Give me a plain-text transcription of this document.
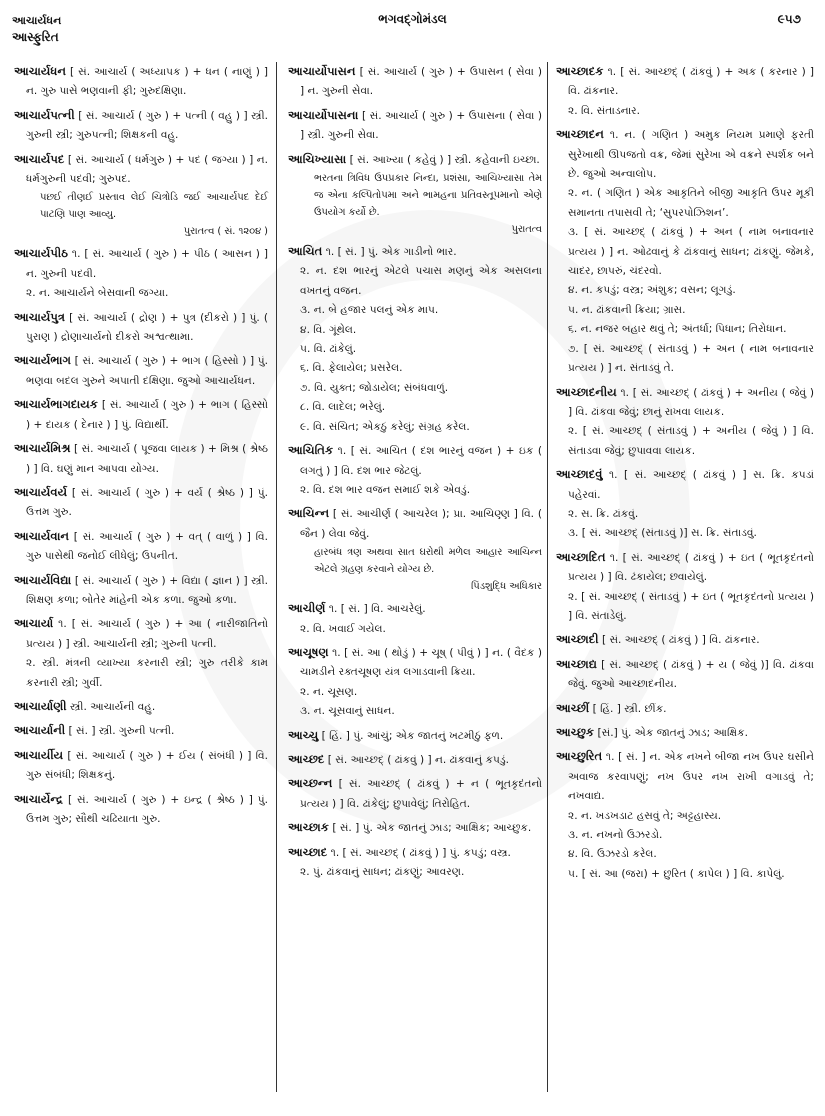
આચાર્યધન
આસ્ફુરિત
ભગવદ્ગોમંડલ	૯૫૭
આચાર્યધન [ સં. આચાર્ય ( અધ્યાપક ) + ધન ( નાણું ) ] ન. ગુરુ પાસે ભણવાની ફી; ગુરુદક્ષિણા.
આચાર્યપત્ની [ સં. આચાર્ય ( ગુરુ ) + પત્ની ( વહુ ) ] સ્ત્રી. ગુરુની સ્ત્રી; ગુરુપત્ની; શિક્ષકની વહુ.
આચાર્યપદ [ સં. આચાર્ય ( ધર્મગુરુ ) + પદ ( જગ્યા ) ] ન. ધર્મગુરુની પદવી; ગુરુપદ.
પછઈ તીણઈ પ્રસ્તાવ લેઈ ચિત્રોડિ જઈ આચાર્યપદ દેઈ પાટણિ પાણ આવ્યુ.
પુરાતત્વ ( સં. ૧૨૦૪ )
આચાર્યપીઠ ૧. [ સં. આચાર્ય ( ગુરુ ) + પીઠ ( આસન ) ] ન. ગુરુની પદવી.
૨. ન. આચાર્યને બેસવાની જગ્યા.
આચાર્યપુત્ર [ સં. આચાર્ય ( દ્રોણ ) + પુત્ર (દીકરો ) ] પું. ( પુરાણ ) દ્રોણાચાર્યનો દીકરો અશ્વત્થામા.
આચાર્યભાગ [ સં. આચાર્ય ( ગુરુ ) + ભાગ ( હિસ્સો ) ] પું. ભણવા બદલ ગુરુને અપાતી દક્ષિણા. જુઓ આચાર્યધન.
આચાર્યભાગદાયક [ સં. આચાર્ય ( ગુરુ ) + ભાગ ( હિસ્સો ) + દાયક ( દેનાર ) ] પું. વિદ્યાર્થી.
આચાર્યમિશ્ર [ સં. આચાર્ય ( પૂજવા લાયક ) + મિશ્ર ( શ્રેષ્ઠ ) ] વિ. ઘણું માન આપવા યોગ્ય.
આચાર્યવર્ય [ સં. આચાર્ય ( ગુરુ ) + વર્ય ( શ્રેષ્ઠ ) ] પું. ઉત્તમ ગુરુ.
આચાર્યવાન [ સં. આચાર્ય ( ગુરુ ) + વત્ ( વાળું ) ] વિ. ગુરુ પાસેથી જનોઈ લીધેલું; ઉપનીત.
આચાર્યવિદ્યા [ સં. આચાર્ય ( ગુરુ ) + વિદ્યા ( જ્ઞાન ) ] સ્ત્રી. શિક્ષણ કળા; બોતેર માંહેની એક કળા. જુઓ કળા.
આચાર્યા ૧. [ સં. આચાર્ય ( ગુરુ ) + આ ( નારીજાતિનો પ્રત્યય ) ] સ્ત્રી. આચાર્યની સ્ત્રી; ગુરુની પત્ની.
૨. સ્ત્રી. મંત્રની વ્યાખ્યા કરનારી સ્ત્રી; ગુરુ તરીકે કામ કરનારી સ્ત્રી; ગુર્વી.
આચાર્યાણી સ્ત્રી. આચાર્યની વહુ.
આચાર્યાની [ સં. ] સ્ત્રી. ગુરુની પત્ની.
આચાર્યીય [ સં. આચાર્ય ( ગુરુ ) + ઈય ( સંબંધી ) ] વિ. ગુરુ સંબંધી; શિક્ષકનું.
આચાર્યેન્દ્ર [ સં. આચાર્ય ( ગુરુ ) + ઇન્દ્ર ( શ્રેષ્ઠ ) ] પું. ઉત્તમ ગુરુ; સૌથી ચઢિયાતા ગુરુ.
આચાર્યોપાસન [ સં. આચાર્ય ( ગુરુ ) + ઉપાસન ( સેવા ) ] ન. ગુરુની સેવા.
આચાર્યોપાસના [ સં. આચાર્ય ( ગુરુ ) + ઉપાસના ( સેવા ) ] સ્ત્રી. ગુરુની સેવા.
આચિખ્યાસા [ સં. આખ્યા ( કહેવું ) ] સ્ત્રી. કહેવાની ઇચ્છા.
ભરતના ત્રિવિધ ઉપપ્રકાર નિન્દા, પ્રશંસા, આચિખ્યાસા તેમ જ એના કલ્પિતોપમા અને ભામહના પ્રતિવસ્તૂપમાનો એણે ઉપયોગ કર્યો છે.
પુરાતત્વ
આચિત ૧. [ સં. ] પું. એક ગાડીનો ભાર.
૨. ન. દશ ભારનું એટલે પચાસ મણનું એક અસલના વખતનું વજન.
૩. ન. બે હજાર પલનું એક માપ.
૪. વિ. ગૂંથેલ.
૫. વિ. ઢાંકેલું.
૬. વિ. ફેલાયેલ; પ્રસરેલ.
૭. વિ. યુક્ત; જોડાયેલ; સંબંધવાળું.
૮. વિ. લાદેલ; ભરેલું.
૯. વિ. સંચિત; એકઠું કરેલું; સંગ્રહ કરેલ.
આચિતિક ૧. [ સં. આચિત ( દશ ભારનું વજન ) + ઇક ( લગતું ) ] વિ. દશ ભાર જેટલું.
૨. વિ. દશ ભાર વજન સમાઈ શકે એવડું.
આચિન્ન [ સં. આચીર્ણ ( આચરેલ ); પ્રા. આચિણ્ણ ] વિ. ( જૈન ) લેવા જેવું.
હારબંધ ત્રણ અથવા સાત ઘરોથી મળેલ આહાર આચિન્ન એટલે ગ્રહણ કરવાને યોગ્ય છે.
પિંડશુદ્ધિ અધિકાર
આચીર્ણ ૧. [ સં. ] વિ. આચરેલું.
૨. વિ. ખવાઈ ગયેલ.
આચૂષણ ૧. [ સં. આ ( થોડું ) + ચૂષ્ ( પીવું ) ] ન. ( વૈદક ) ચામડીને રક્તચૂષણ યંત્ર લગાડવાની ક્રિયા.
૨. ન. ચૂસણ.
૩. ન. ચૂસવાનું સાધન.
આચ્ચુ [ હિં. ] પું. આંચું; એક જાતનું ખટમીઠું ફળ.
આચ્છદ [ સં. આચ્છદ્ ( ઢાંકવું ) ] ન. ઢાંકવાનું કપડું.
આચ્છન્ન [ સં. આચ્છદ્ ( ઢાંકવું ) + ન ( ભૂતકૃદંતનો પ્રત્યય ) ] વિ. ઢાંકેલું; છુપાવેલું; તિરોહિત.
આચ્છાક [ સં. ] પું. એક જાતનું ઝાડ; આક્ષિક; આચ્છુક.
આચ્છાદ ૧. [ સં. આચ્છદ્ ( ઢાંકવું ) ] પું. કપડું; વસ્ત્ર.
૨. પું. ઢાંકવાનું સાધન; ઢાંકણું; આવરણ.
આચ્છાદક ૧. [ સં. આચ્છદ્ ( ઢાંકવું ) + અક ( કરનાર ) ] વિ. ઢાંકનાર.
૨. વિ. સંતાડનાર.
આચ્છાદન ૧. ન. ( ગણિત ) અમુક નિયમ પ્રમાણે ફરતી સુરેખાથી ઊપજતો વક્ર, જેમાં સુરેખા એ વક્રને સ્પર્શક બને છે. જુઓ અન્વાલોપ.
૨. ન. ( ગણિત ) એક આકૃતિને બીજી આકૃતિ ઉપર મૂકી સમાનતા તપાસવી તે; ‘સુપરપોઝિશન’.
૩. [ સં. આચ્છદ્ ( ઢાંકવું ) + અન ( નામ બનાવનાર પ્રત્યય ) ] ન. ઓઢવાનું કે ઢાંકવાનું સાધન; ઢાંકણું. જેમકે, ચાદર, છાપરું, ચંદરવો.
૪. ન. કપડું; વસ્ત્ર; અંશુક; વસન; લૂગડું.
૫. ન. ઢાંકવાની ક્રિયા; ગ્રાસ.
૬. ન. નજર બહાર થવું તે; અંતર્ધા; પિધાન; તિરોધાન.
૭. [ સં. આચ્છદ્ ( સંતાડવું ) + અન ( નામ બનાવનાર પ્રત્યય ) ] ન. સંતાડવું તે.
આચ્છાદનીય ૧. [ સં. આચ્છદ્ ( ઢાંકવું ) + અનીય ( જેવું ) ] વિ. ઢાંકવા જેવું; છાનું રાખવા લાયક.
૨. [ સં. આચ્છદ્ ( સંતાડવું ) + અનીય ( જેવું ) ] વિ. સંતાડવા જેવું; છુપાવવા લાયક.
આચ્છાદવું ૧. [ સં. આચ્છદ્ ( ઢાંકવું ) ] સ. ક્રિ. કપડાં પહેરવાં.
૨. સ. ક્રિ. ઢાંકવું.
૩. [ સં. આચ્છદ્ (સંતાડવું )] સ. ક્રિ. સંતાડવું.
આચ્છાદિત ૧. [ સં. આચ્છદ્ ( ઢાંકવું ) + ઇત ( ભૂતકૃદંતનો પ્રત્યય ) ] વિ. ઢંકાયેલ; છવાયેલું.
૨. [ સં. આચ્છદ્ ( સંતાડવું ) + ઇત ( ભૂતકૃદંતનો પ્રત્યય ) ] વિ. સંતાડેલું.
આચ્છાદી [ સં. આચ્છદ્ ( ઢાંકવું ) ] વિ. ઢાંકનાર.
આચ્છાદ્ય [ સં. આચ્છદ્ ( ઢાંકવું ) + ય ( જેવું )] વિ. ઢાંકવા જેવું. જુઓ આચ્છાદનીય.
આચ્છીં [ હિં. ] સ્ત્રી. છીંક.
આચ્છુક [સં.] પું. એક જાતનું ઝાડ; આક્ષિક.
આચ્છુરિત ૧. [ સં. ] ન. એક નખને બીજા નખ ઉપર ઘસીને અવાજ કરવાપણું; નખ ઉપર નખ રાખી વગાડવું તે; નખવાદ્ય.
૨. ન. ખડખડાટ હસવું તે; અટ્ટહાસ્ય.
૩. ન. નખનો ઉઝરડો.
૪. વિ. ઉઝરડો કરેલ.
૫. [ સં. આ (જરા) + છુરિત ( કાપેલ ) ] વિ. કાપેલું.
